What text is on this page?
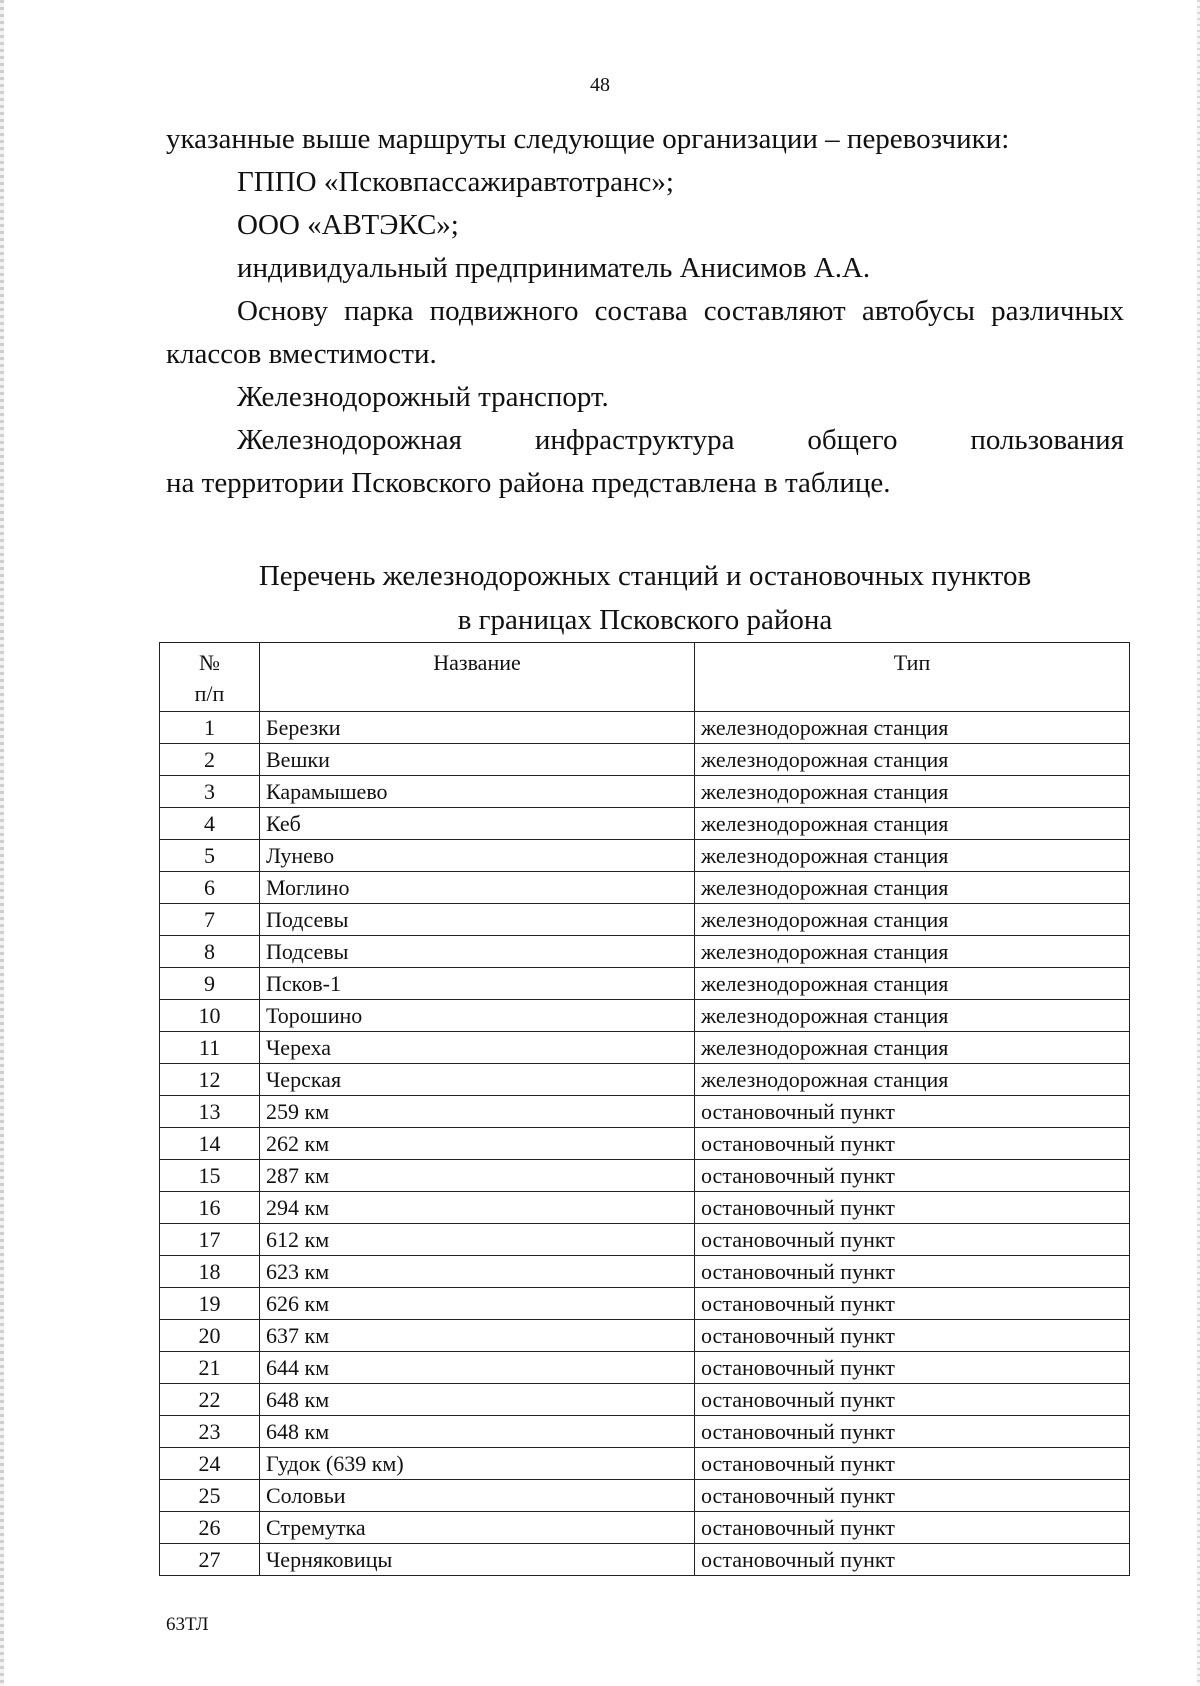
48

указанные выше маршруты следующие организации – перевозчики:

ГППО «Псковпассажиравтотранс»;

ООО «АВТЭКС»;

индивидуальный предприниматель Анисимов А.А.

Основу парка подвижного состава составляют автобусы различных классов вместимости.

Железнодорожный транспорт.

Железнодорожная инфраструктура общего пользования

на территории Псковского района представлена в таблице.

Перечень железнодорожных станций и остановочных пунктов
в границах Псковского района
№
п/п	Название	Тип
1	Березки	железнодорожная станция
2	Вешки	железнодорожная станция
3	Карамышево	железнодорожная станция
4	Кеб	железнодорожная станция
5	Лунево	железнодорожная станция
6	Моглино	железнодорожная станция
7	Подсевы	железнодорожная станция
8	Подсевы	железнодорожная станция
9	Псков-1	железнодорожная станция
10	Торошино	железнодорожная станция
11	Череха	железнодорожная станция
12	Черская	железнодорожная станция
13	259 км	остановочный пункт
14	262 км	остановочный пункт
15	287 км	остановочный пункт
16	294 км	остановочный пункт
17	612 км	остановочный пункт
18	623 км	остановочный пункт
19	626 км	остановочный пункт
20	637 км	остановочный пункт
21	644 км	остановочный пункт
22	648 км	остановочный пункт
23	648 км	остановочный пункт
24	Гудок (639 км)	остановочный пункт
25	Соловьи	остановочный пункт
26	Стремутка	остановочный пункт
27	Черняковицы	остановочный пункт
63ТЛ
